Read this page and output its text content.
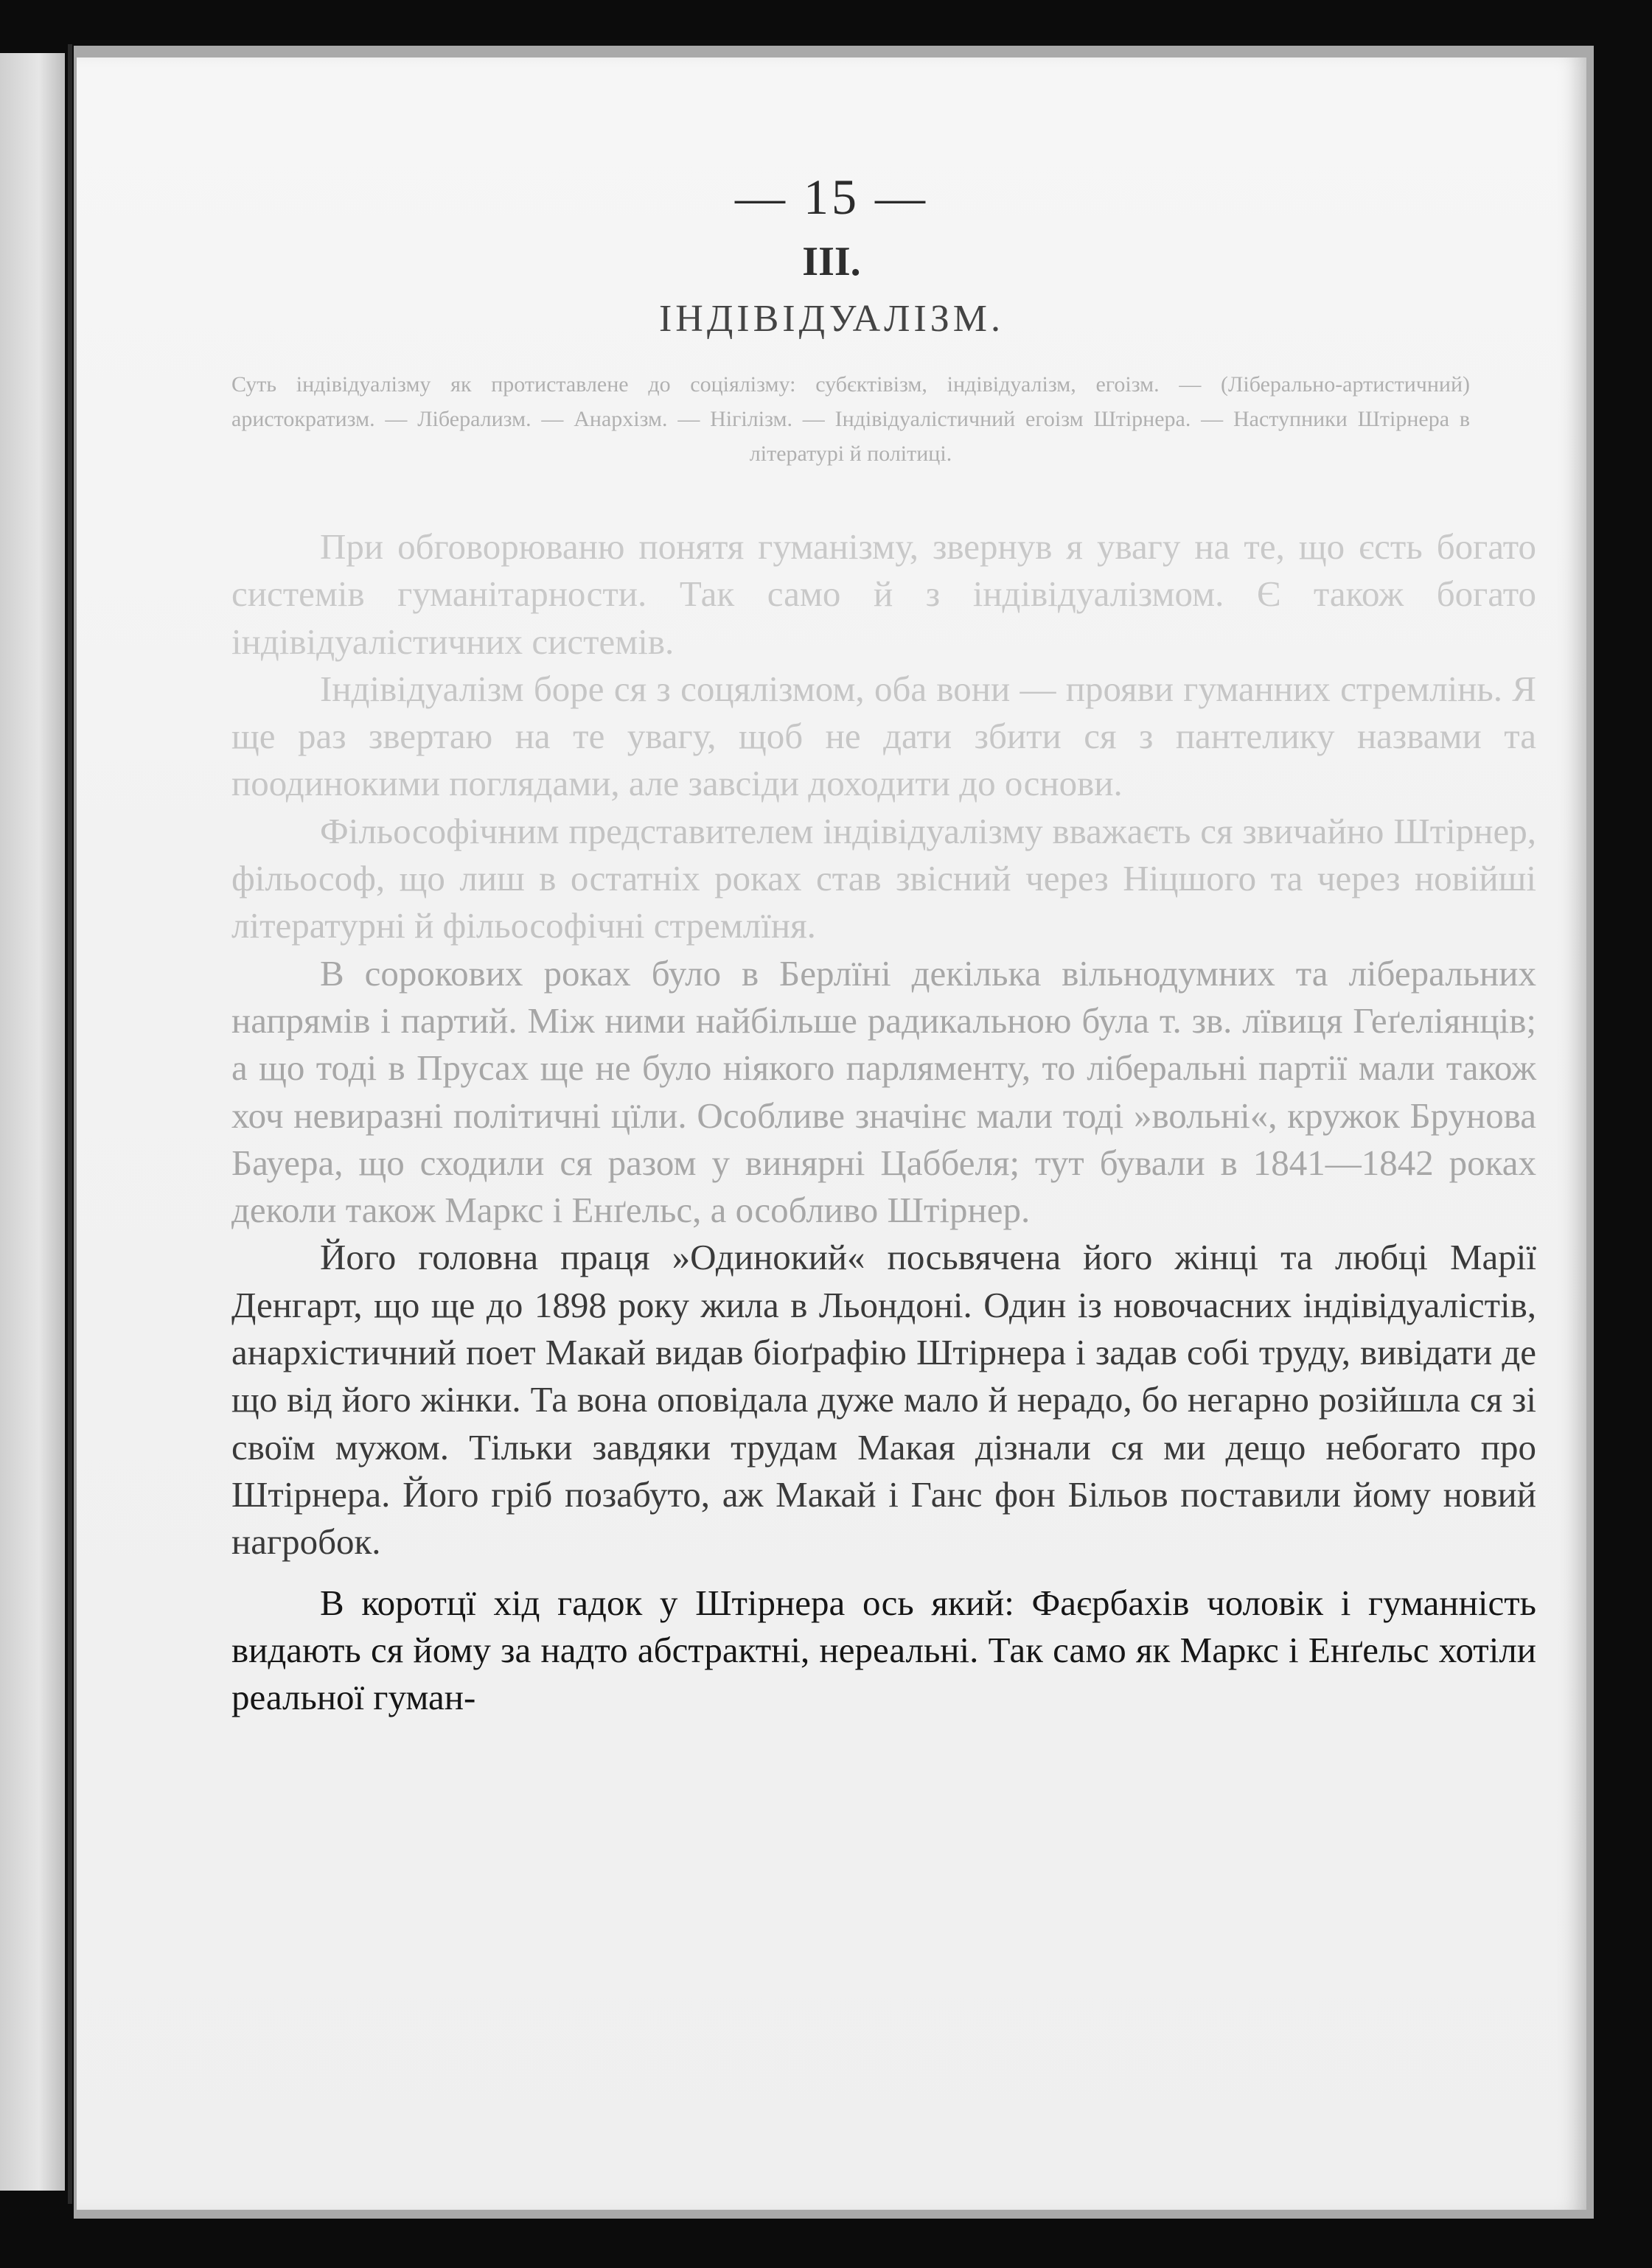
— 15 —
III.
ІНДІВІДУАЛІЗМ.
Суть індівідуалізму як протиставлене до соціялізму: субєктівізм, індівідуалізм, егоізм. — (Ліберально-артистичний) аристократизм. — Ліберализм. — Анархізм. — Нігілізм. — Індівідуалістичний егоізм Штірнера. — Наступники Штірнера в літературі й політиці.

При обговорюваню понятя гуманізму, звернув я увагу на те, що єсть богато системів гуманітарности. Так само й з індівідуалізмом. Є також богато індівідуалістичних системів.

Індівідуалізм боре ся з соцялізмом, оба вони — прояви гуманних стремлінь. Я ще раз звертаю на те увагу, щоб не дати збити ся з пантелику назвами та поодинокими поглядами, але завсіди доходити до основи.

Фільософічним представителем індівідуалізму вважаєть ся звичайно Штірнер, фільософ, що лиш в остатніх роках став звісний через Ніцшого та через новійші літературні й фільософічні стремлїня.

В сорокових роках було в Берлїні декілька вільнодумних та ліберальних напрямів і партий. Між ними найбільше радикальною була т. зв. лївиця Геґеліянців; а що тоді в Прусах ще не було ніякого парляменту, то ліберальні партії мали також хоч невиразні політичні цїли. Особливе значінє мали тоді »вольні«, кружок Брунова Бауера, що сходили ся разом у винярні Цаббеля; тут бували в 1841—1842 роках деколи також Маркс і Енґельс, а особливо Штірнер.

Його головна праця »Одинокий« посьвячена його жінці та любці Марії Денгарт, що ще до 1898 року жила в Льондоні. Один із новочасних індівідуалістів, анархістичний поет Макай видав біоґрафію Штірнера і задав собі труду, вивідати де що від його жінки. Та вона оповідала дуже мало й нерадо, бо негарно розійшла ся зі своїм мужом. Тільки завдяки трудам Макая дізнали ся ми дещо небогато про Штірнера. Його гріб позабуто, аж Макай і Ганс фон Більов поставили йому новий нагробок.

В коротцї хід гадок у Штірнера ось який: Фаєрбахів чоловік і гуманність видають ся йому за надто абстрактні, нереальні. Так само як Маркс і Енґельс хотіли реальної гуман-
